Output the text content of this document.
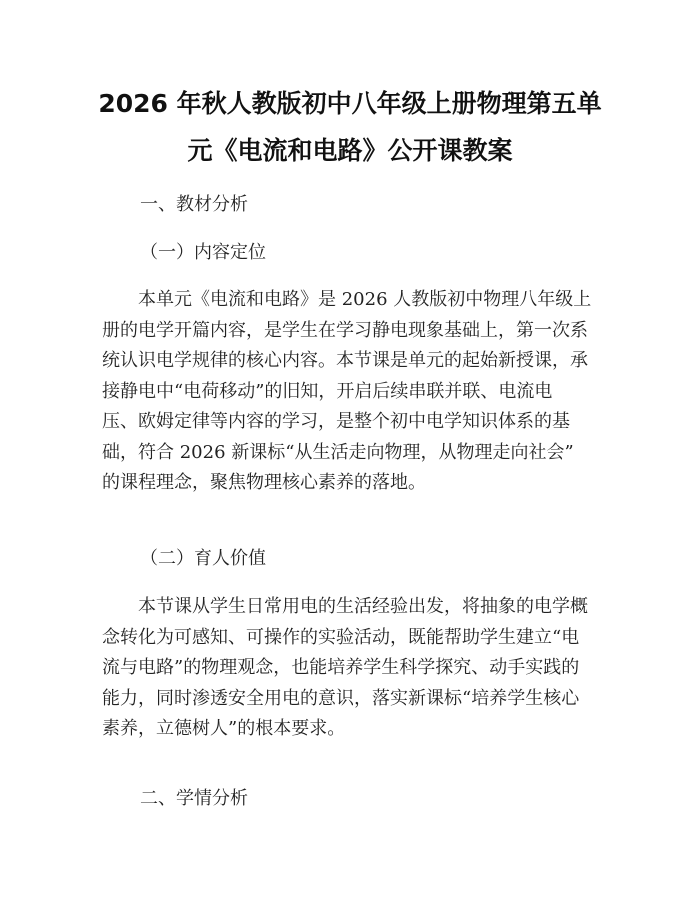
2026 年秋人教版初中八年级上册物理第五单
元《电流和电路》公开课教案
一、教材分析
（一）内容定位
本单元《电流和电路》是 2026 人教版初中物理八年级上
册的电学开篇内容，是学生在学习静电现象基础上，第一次系
统认识电学规律的核心内容。本节课是单元的起始新授课，承
接静电中“电荷移动”的旧知，开启后续串联并联、电流电
压、欧姆定律等内容的学习，是整个初中电学知识体系的基
础，符合 2026 新课标“从生活走向物理，从物理走向社会”
的课程理念，聚焦物理核心素养的落地。
（二）育人价值
本节课从学生日常用电的生活经验出发，将抽象的电学概
念转化为可感知、可操作的实验活动，既能帮助学生建立“电
流与电路”的物理观念，也能培养学生科学探究、动手实践的
能力，同时渗透安全用电的意识，落实新课标“培养学生核心
素养，立德树人”的根本要求。
二、学情分析
